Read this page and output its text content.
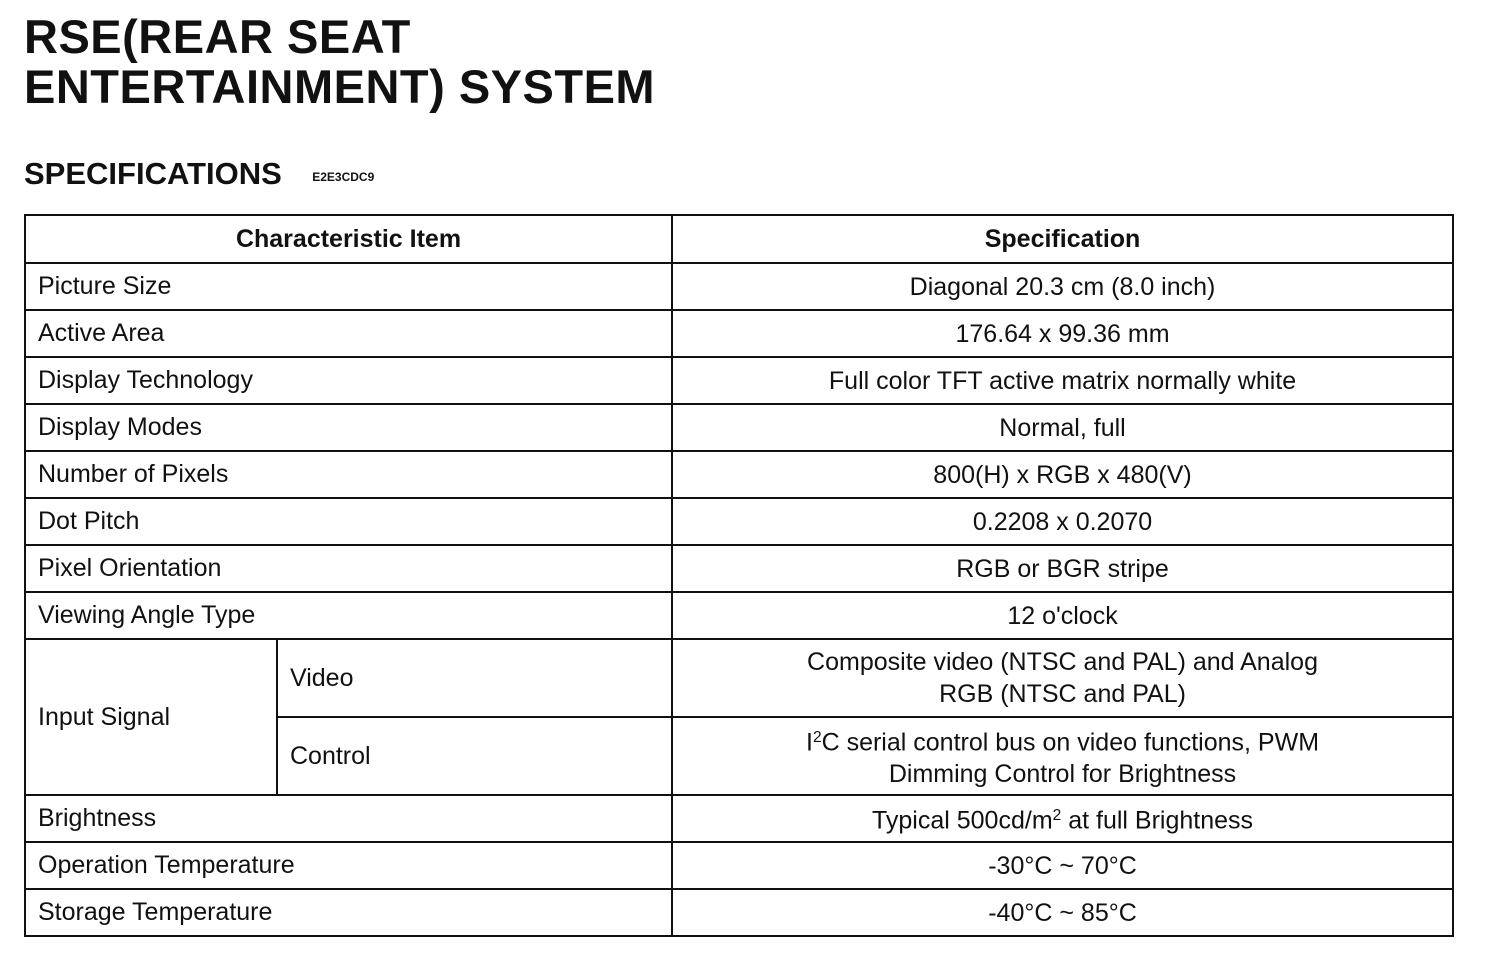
RSE(REAR SEAT
ENTERTAINMENT) SYSTEM
SPECIFICATIONS	E2E3CDC9
Characteristic Item		Specification
Picture Size		Diagonal 20.3 cm (8.0 inch)
Active Area		176.64 x 99.36 mm
Display Technology		Full color TFT active matrix normally white
Display Modes		Normal, full
Number of Pixels		800(H) x RGB x 480(V)
Dot Pitch		0.2208 x 0.2070
Pixel Orientation		RGB or BGR stripe
Viewing Angle Type		12 o'clock
Input Signal	Video	Composite video (NTSC and PAL) and Analog
RGB (NTSC and PAL)
	Control	$I^2C$ serial control bus on video functions, PWM
Dimming Control for Brightness
Brightness		Typical $500cd/m^2$ at full Brightness
Operation Temperature		-30°C ~ 70°C
Storage Temperature		-40°C ~ 85°C
